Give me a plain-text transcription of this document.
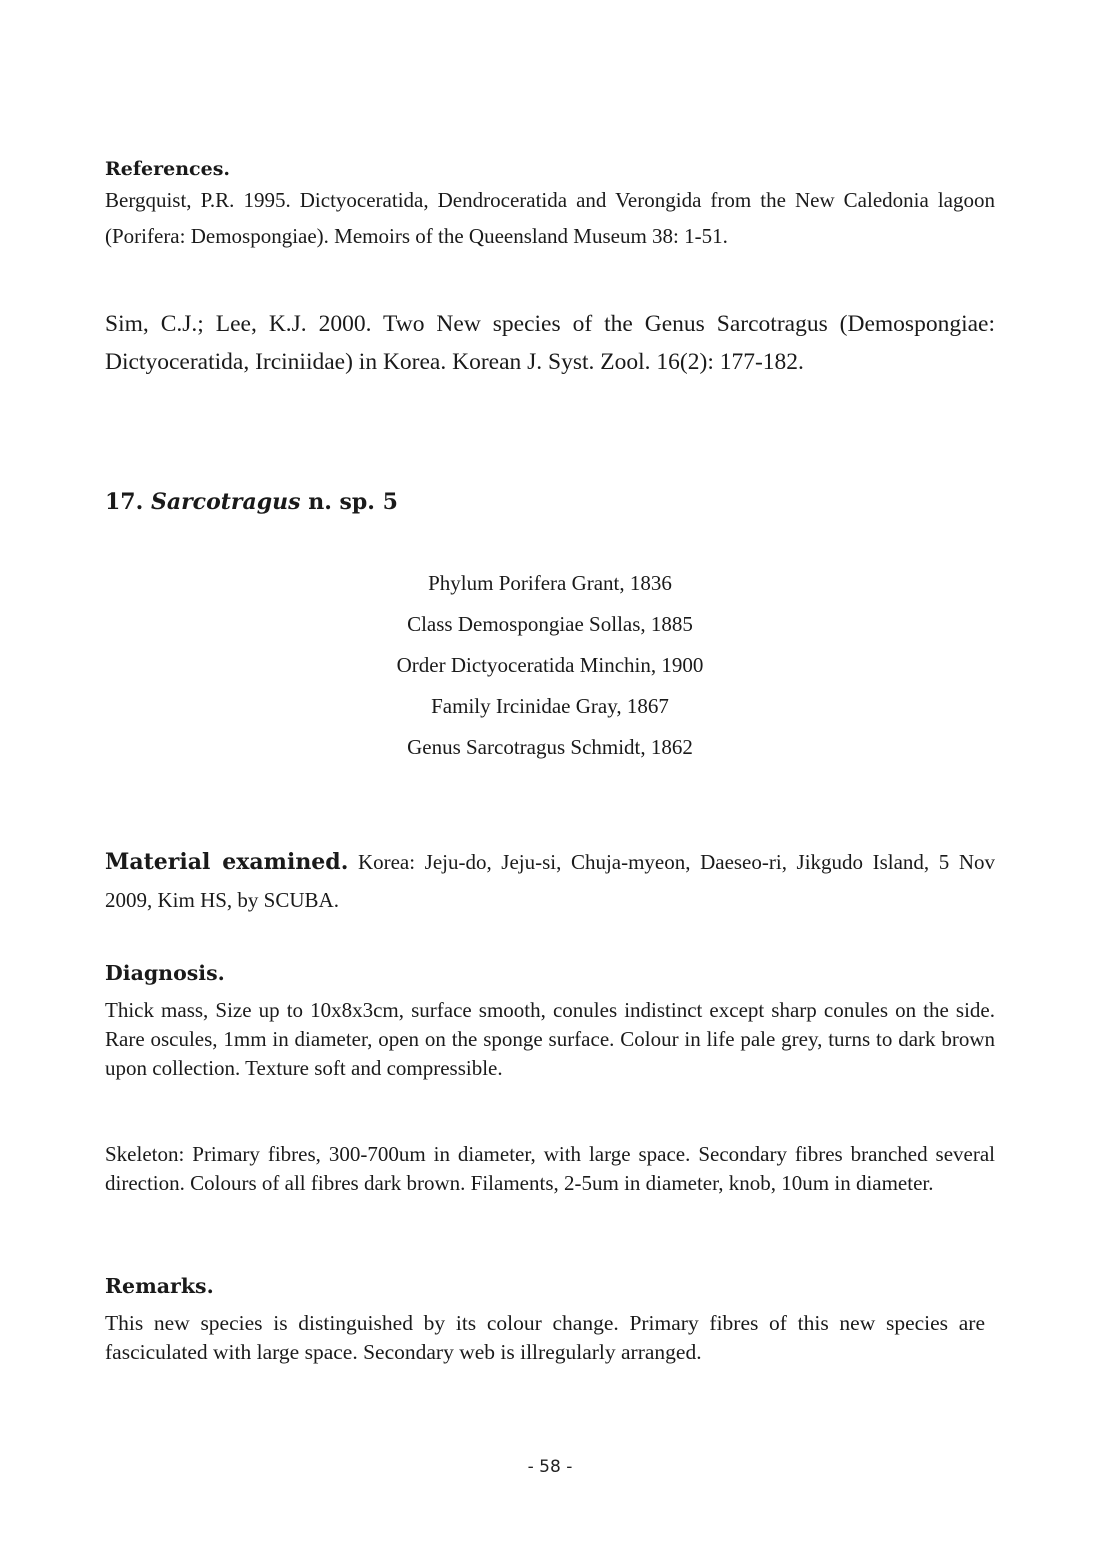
References.
Bergquist, P.R. 1995. Dictyoceratida, Dendroceratida and Verongida from the New Caledonia lagoon (Porifera: Demospongiae). Memoirs of the Queensland Museum 38: 1-51.
Sim, C.J.; Lee, K.J. 2000. Two New species of the Genus Sarcotragus (Demospongiae: Dictyoceratida, Irciniidae) in Korea. Korean J. Syst. Zool. 16(2): 177-182.
17. Sarcotragus n. sp. 5
Phylum Porifera Grant, 1836
Class Demospongiae Sollas, 1885
Order Dictyoceratida Minchin, 1900
Family Ircinidae Gray, 1867
Genus Sarcotragus Schmidt, 1862
Material examined. Korea: Jeju-do, Jeju-si, Chuja-myeon, Daeseo-ri, Jikgudo Island, 5 Nov 2009, Kim HS, by SCUBA.
Diagnosis.
Thick mass, Size up to 10x8x3cm, surface smooth, conules indistinct except sharp conules on the side. Rare oscules, 1mm in diameter, open on the sponge surface. Colour in life pale grey, turns to dark brown upon collection. Texture soft and compressible.
Skeleton: Primary fibres, 300-700um in diameter, with large space. Secondary fibres branched several direction. Colours of all fibres dark brown. Filaments, 2-5um in diameter, knob, 10um in diameter.
Remarks.
This new species is distinguished by its colour change. Primary fibres of this new species are fasciculated with large space. Secondary web is illregularly arranged.
- 58 -
